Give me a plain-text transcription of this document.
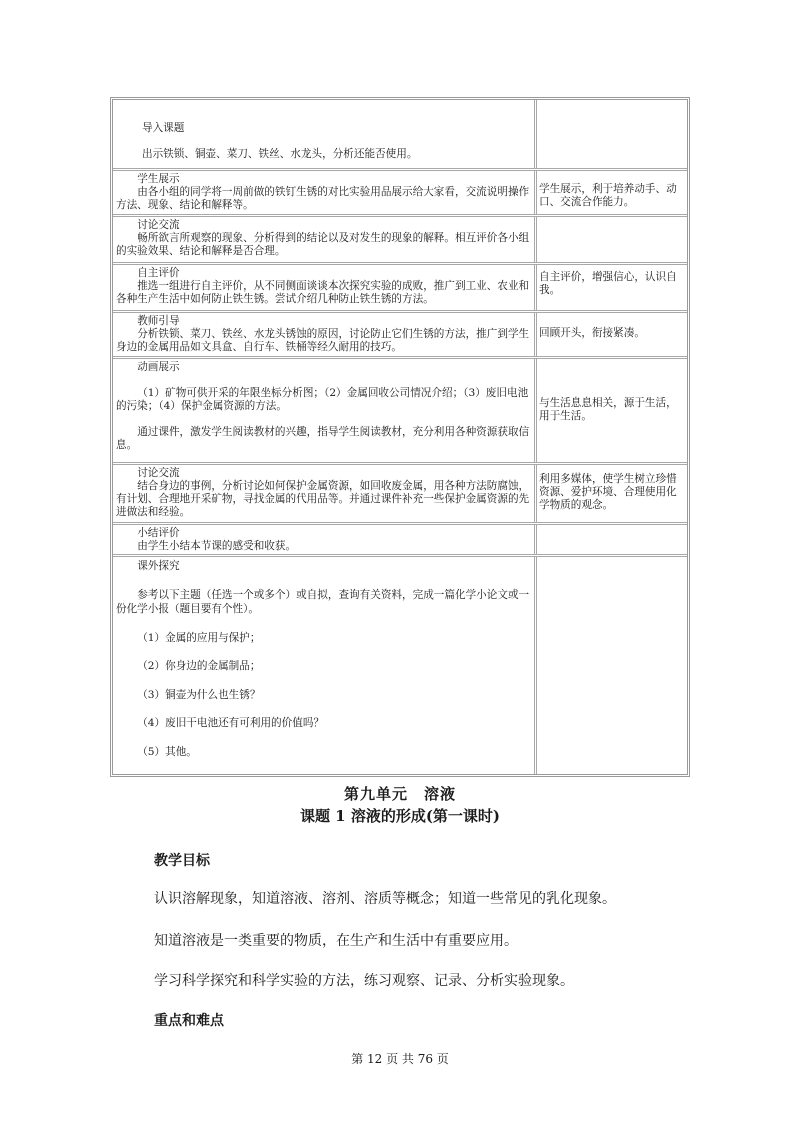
导入课题

出示铁锁、铜壶、菜刀、铁丝、水龙头，分析还能否使用。

学生展示

由各小组的同学将一周前做的铁钉生锈的对比实验用品展示给大家看，交流说明操作方法、现象、结论和解释等。

学生展示，利于培养动手、动口、交流合作能力。

讨论交流

畅所欲言所观察的现象、分析得到的结论以及对发生的现象的解释。相互评价各小组的实验效果、结论和解释是否合理。

自主评价

推选一组进行自主评价，从不同侧面谈谈本次探究实验的成败，推广到工业、农业和各种生产生活中如何防止铁生锈。尝试介绍几种防止铁生锈的方法。

自主评价，增强信心，认识自我。

教师引导

分析铁锁、菜刀、铁丝、水龙头锈蚀的原因，讨论防止它们生锈的方法，推广到学生身边的金属用品如文具盒、自行车、铁桶等经久耐用的技巧。

回顾开头，衔接紧凑。

动画展示

（1）矿物可供开采的年限坐标分析图；（2）金属回收公司情况介绍；（3）废旧电池的污染；（4）保护金属资源的方法。

通过课件，激发学生阅读教材的兴趣，指导学生阅读教材，充分利用各种资源获取信息。

与生活息息相关，源于生活，用于生活。

讨论交流

结合身边的事例，分析讨论如何保护金属资源，如回收废金属，用各种方法防腐蚀，有计划、合理地开采矿物，寻找金属的代用品等。并通过课件补充一些保护金属资源的先进做法和经验。

利用多媒体，使学生树立珍惜资源、爱护环境、合理使用化学物质的观念。

小结评价

由学生小结本节课的感受和收获。

课外探究

参考以下主题（任选一个或多个）或自拟，查询有关资料，完成一篇化学小论文或一份化学小报（题目要有个性）。

（1）金属的应用与保护；

（2）你身边的金属制品；

（3）铜壶为什么也生锈？

（4）废旧干电池还有可利用的价值吗？

（5）其他。

第九单元　溶液

课题 1 溶液的形成(第一课时)

教学目标

认识溶解现象，知道溶液、溶剂、溶质等概念；知道一些常见的乳化现象。

知道溶液是一类重要的物质，在生产和生活中有重要应用。

学习科学探究和科学实验的方法，练习观察、记录、分析实验现象。

重点和难点

第 12 页 共 76 页
